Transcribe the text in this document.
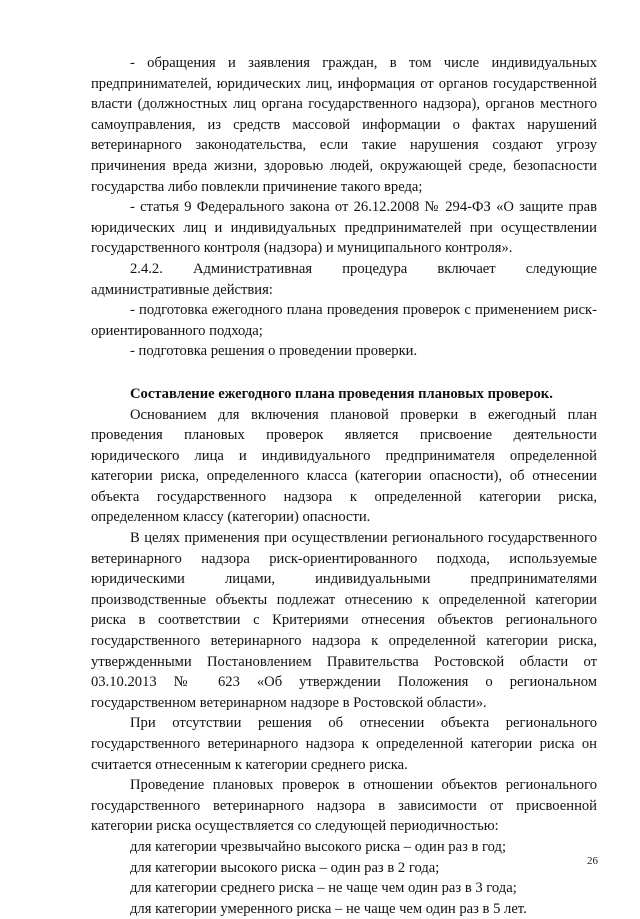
- обращения и заявления граждан, в том числе индивидуальных предпринимателей, юридических лиц, информация от органов государственной власти (должностных лиц органа государственного надзора), органов местного самоуправления, из средств массовой информации о фактах нарушений ветеринарного законодательства, если такие нарушения создают угрозу причинения вреда жизни, здоровью людей, окружающей среде, безопасности государства либо повлекли причинение такого вреда;

- статья 9 Федерального закона от 26.12.2008 № 294-ФЗ «О защите прав юридических лиц и индивидуальных предпринимателей при осуществлении государственного контроля (надзора) и муниципального контроля».

2.4.2. Административная процедура включает следующие административные действия:

- подготовка ежегодного плана проведения проверок с применением риск-ориентированного подхода;

- подготовка решения о проведении проверки.

Составление ежегодного плана проведения плановых проверок.

Основанием для включения плановой проверки в ежегодный план проведения плановых проверок является присвоение деятельности юридического лица и индивидуального предпринимателя определенной категории риска, определенного класса (категории опасности), об отнесении объекта государственного надзора к определенной категории риска, определенном классу (категории) опасности.

В целях применения при осуществлении регионального государственного ветеринарного надзора риск-ориентированного подхода, используемые юридическими лицами, индивидуальными предпринимателями производственные объекты подлежат отнесению к определенной категории риска в соответствии с Критериями отнесения объектов регионального государственного ветеринарного надзора к определенной категории риска, утвержденными Постановлением Правительства Ростовской области от 03.10.2013 № 623 «Об утверждении Положения о региональном государственном ветеринарном надзоре в Ростовской области».

При отсутствии решения об отнесении объекта регионального государственного ветеринарного надзора к определенной категории риска он считается отнесенным к категории среднего риска.

Проведение плановых проверок в отношении объектов регионального государственного ветеринарного надзора в зависимости от присвоенной категории риска осуществляется со следующей периодичностью:

для категории чрезвычайно высокого риска – один раз в год;

для категории высокого риска – один раз в 2 года;

для категории среднего риска – не чаще чем один раз в 3 года;

для категории умеренного риска – не чаще чем один раз в 5 лет.

26
